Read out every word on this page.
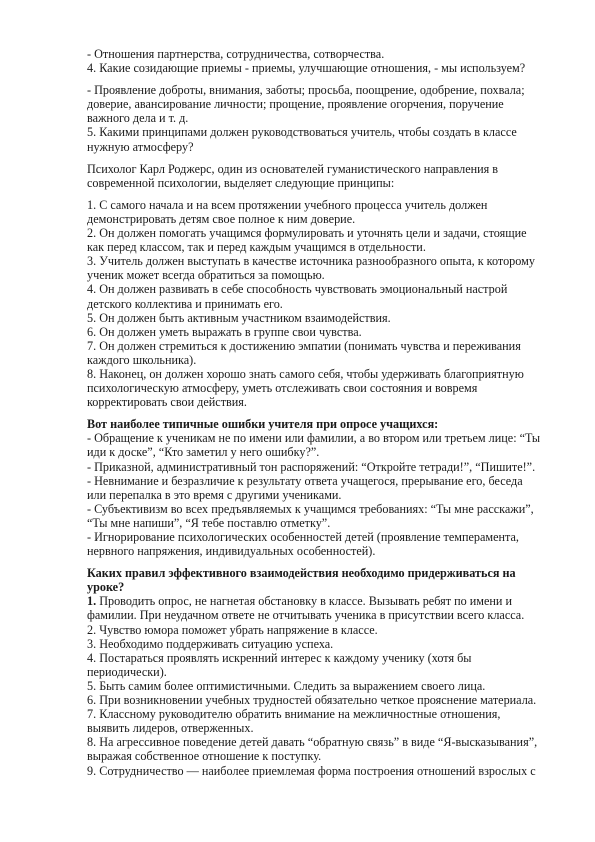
- Отношения партнерства, сотрудничества, сотворчества.

4. Какие созидающие приемы - приемы, улучшающие отношения, - мы используем?

- Проявление доброты, внимания, заботы; просьба, поощрение, одобрение, похвала; доверие, авансирование личности; прощение, проявление огорчения, поручение важного дела и т. д.

5. Какими принципами должен руководствоваться учитель, чтобы создать в классе нужную атмосферу?

Психолог Карл Роджерс, один из основателей гуманистического направления в современной психологии, выделяет следующие принципы:

1. С самого начала и на всем протяжении учебного процесса учитель должен демонстрировать детям свое полное к ним доверие.

2. Он должен помогать учащимся формулировать и уточнять цели и задачи, стоящие как перед классом, так и перед каждым учащимся в отдельности.

3. Учитель должен выступать в качестве источника разнообразного опыта, к которому ученик может всегда обратиться за помощью.

4. Он должен развивать в себе способность чувствовать эмоциональный настрой детского коллектива и принимать его.

5. Он должен быть активным участником взаимодействия.

6. Он должен уметь выражать в группе свои чувства.

7. Он должен стремиться к достижению эмпатии (понимать чувства и переживания каждого школьника).

8. Наконец, он должен хорошо знать самого себя, чтобы удерживать благоприятную психологическую атмосферу, уметь отслеживать свои состояния и вовремя корректировать свои действия.

Вот наиболее типичные ошибки учителя при опросе учащихся:

- Обращение к ученикам не по имени или фамилии, а во втором или третьем лице: “Ты иди к доске”, “Кто заметил у него ошибку?”.

- Приказной, административный тон распоряжений: “Откройте тетради!”, “Пишите!”.

- Невнимание и безразличие к результату ответа учащегося, прерывание его, беседа или перепалка в это время с другими учениками.

- Субъективизм во всех предъявляемых к учащимся требованиях: “Ты мне расскажи”, “Ты мне напиши”, “Я тебе поставлю отметку”.

- Игнорирование психологических особенностей детей (проявление темперамента, нервного напряжения, индивидуальных особенностей).

Каких правил эффективного взаимодействия необходимо придерживаться на уроке?

1. Проводить опрос, не нагнетая обстановку в классе. Вызывать ребят по имени и фамилии. При неудачном ответе не отчитывать ученика в присутствии всего класса.

2. Чувство юмора поможет убрать напряжение в классе.

3. Необходимо поддерживать ситуацию успеха.

4. Постараться проявлять искренний интерес к каждому ученику (хотя бы периодически).

5. Быть самим более оптимистичными. Следить за выражением своего лица.

6. При возникновении учебных трудностей обязательно четкое прояснение материала.

7. Классному руководителю обратить внимание на межличностные отношения, выявить лидеров, отверженных.

8. На агрессивное поведение детей давать “обратную связь” в виде “Я-высказывания”, выражая собственное отношение к поступку.

9. Сотрудничество — наиболее приемлемая форма построения отношений взрослых с
